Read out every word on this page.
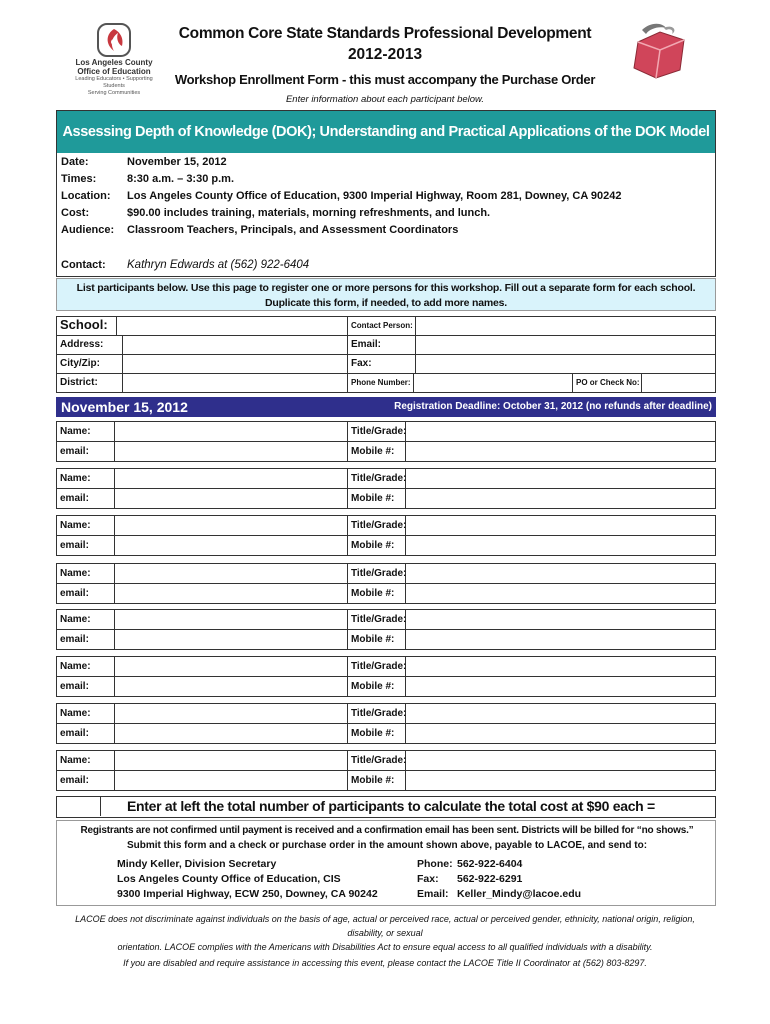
Los Angeles County
Office of Education
Leading Educators • Supporting Students
Serving Communities
Common Core State Standards Professional Development
2012-2013
Workshop Enrollment Form - this must accompany the Purchase Order
Enter information about each participant below.
Assessing Depth of Knowledge (DOK); Understanding and Practical Applications of the DOK Model
Date:	November 15, 2012
Times:	8:30 a.m. – 3:30 p.m.
Location: Los Angeles County Office of Education, 9300 Imperial Highway, Room 281, Downey, CA 90242
Cost:	$90.00 includes training, materials, morning refreshments, and lunch.
Audience: Classroom Teachers, Principals, and Assessment Coordinators
Contact: Kathryn Edwards at (562) 922-6404
List participants below. Use this page to register one or more persons for this workshop. Fill out a separate form for each school.
Duplicate this form, if needed, to add more names.
School:	Contact Person:
Address:	Email:
City/Zip:	Fax:
District:	Phone Number:	PO or Check No:
November 15, 2012	Registration Deadline: October 31, 2012 (no refunds after deadline)
Name:	Title/Grade:
email:	Mobile #:
Name:	Title/Grade:
email:	Mobile #:
Name:	Title/Grade:
email:	Mobile #:
Name:	Title/Grade:
email:	Mobile #:
Name:	Title/Grade:
email:	Mobile #:
Name:	Title/Grade:
email:	Mobile #:
Name:	Title/Grade:
email:	Mobile #:
Name:	Title/Grade:
email:	Mobile #:
Enter at left the total number of participants to calculate the total cost at $90 each =
Registrants are not confirmed until payment is received and a confirmation email has been sent. Districts will be billed for “no shows.”
Submit this form and a check or purchase order in the amount shown above, payable to LACOE, and send to:
Mindy Keller, Division Secretary
Los Angeles County Office of Education, CIS
9300 Imperial Highway, ECW 250, Downey, CA 90242
Phone: 562-922-6404
Fax: 562-922-6291
Email: Keller_Mindy@lacoe.edu
LACOE does not discriminate against individuals on the basis of age, actual or perceived race, actual or perceived gender, ethnicity, national origin, religion, disability, or sexual
orientation. LACOE complies with the Americans with Disabilities Act to ensure equal access to all qualified individuals with a disability.
If you are disabled and require assistance in accessing this event, please contact the LACOE Title II Coordinator at (562) 803-8297.
